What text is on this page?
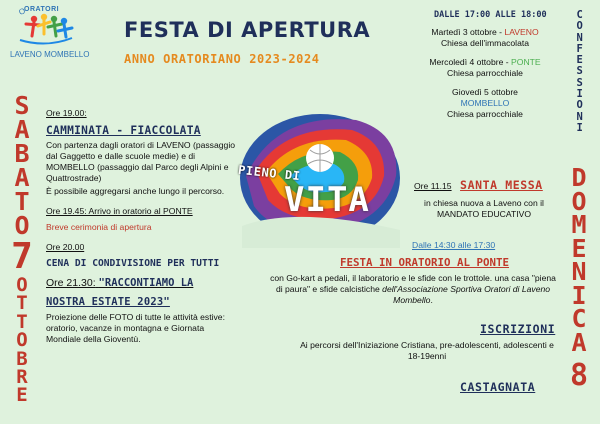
O
ORATORI
LAVENO MOMBELLO
FESTA DI APERTURA
ANNO ORATORIANO 2023-2024
DALLE 17:00 ALLE 18:00
Martedì 3 ottobre - LAVENO
Chiesa dell'immacolata
Mercoledì 4 ottobre - PONTE
Chiesa parrocchiale
Giovedì 5 ottobre
MOMBELLO
Chiesa parrocchiale
C
O
N
F
E
S
S
I
O
N
I
S
A
B
A
T
O
7
O
T
T
O
B
R
E
Ore 19.00:
CAMMINATA - FIACCOLATA
Con partenza dagli oratori di LAVENO (passaggio dal Gaggetto e dalle scuole medie) e di MOMBELLO (passaggio dal Parco degli Alpini e Quattrostrade)
È possibile aggregarsi anche lungo il percorso.
Ore 19.45: Arrivo in oratorio al PONTE
Breve cerimonia di apertura
Ore 20.00
CENA DI CONDIVISIONE PER TUTTI
Ore 21.30: "RACCONTIAMO LA
NOSTRA ESTATE 2023"
Proiezione delle FOTO di tutte le attività estive: oratorio, vacanze in montagna e Giornata Mondiale della Gioventù.
PIENO DI
VITA
D
O
M
E
N
I
C
A
8
Ore 11.15 SANTA MESSA
in chiesa nuova a Laveno con il MANDATO EDUCATIVO
Dalle 14:30 alle 17:30
FESTA IN ORATORIO AL PONTE
con Go-kart a pedali, il laboratorio e le sfide con le trottole. una casa "piena di paura" e sfide calcistiche dell'Associazione Sportiva Oratori di Laveno Mombello.
ISCRIZIONI
Ai percorsi dell'Iniziazione Cristiana, pre-adolescenti, adolescenti e 18-19enni
CASTAGNATA
